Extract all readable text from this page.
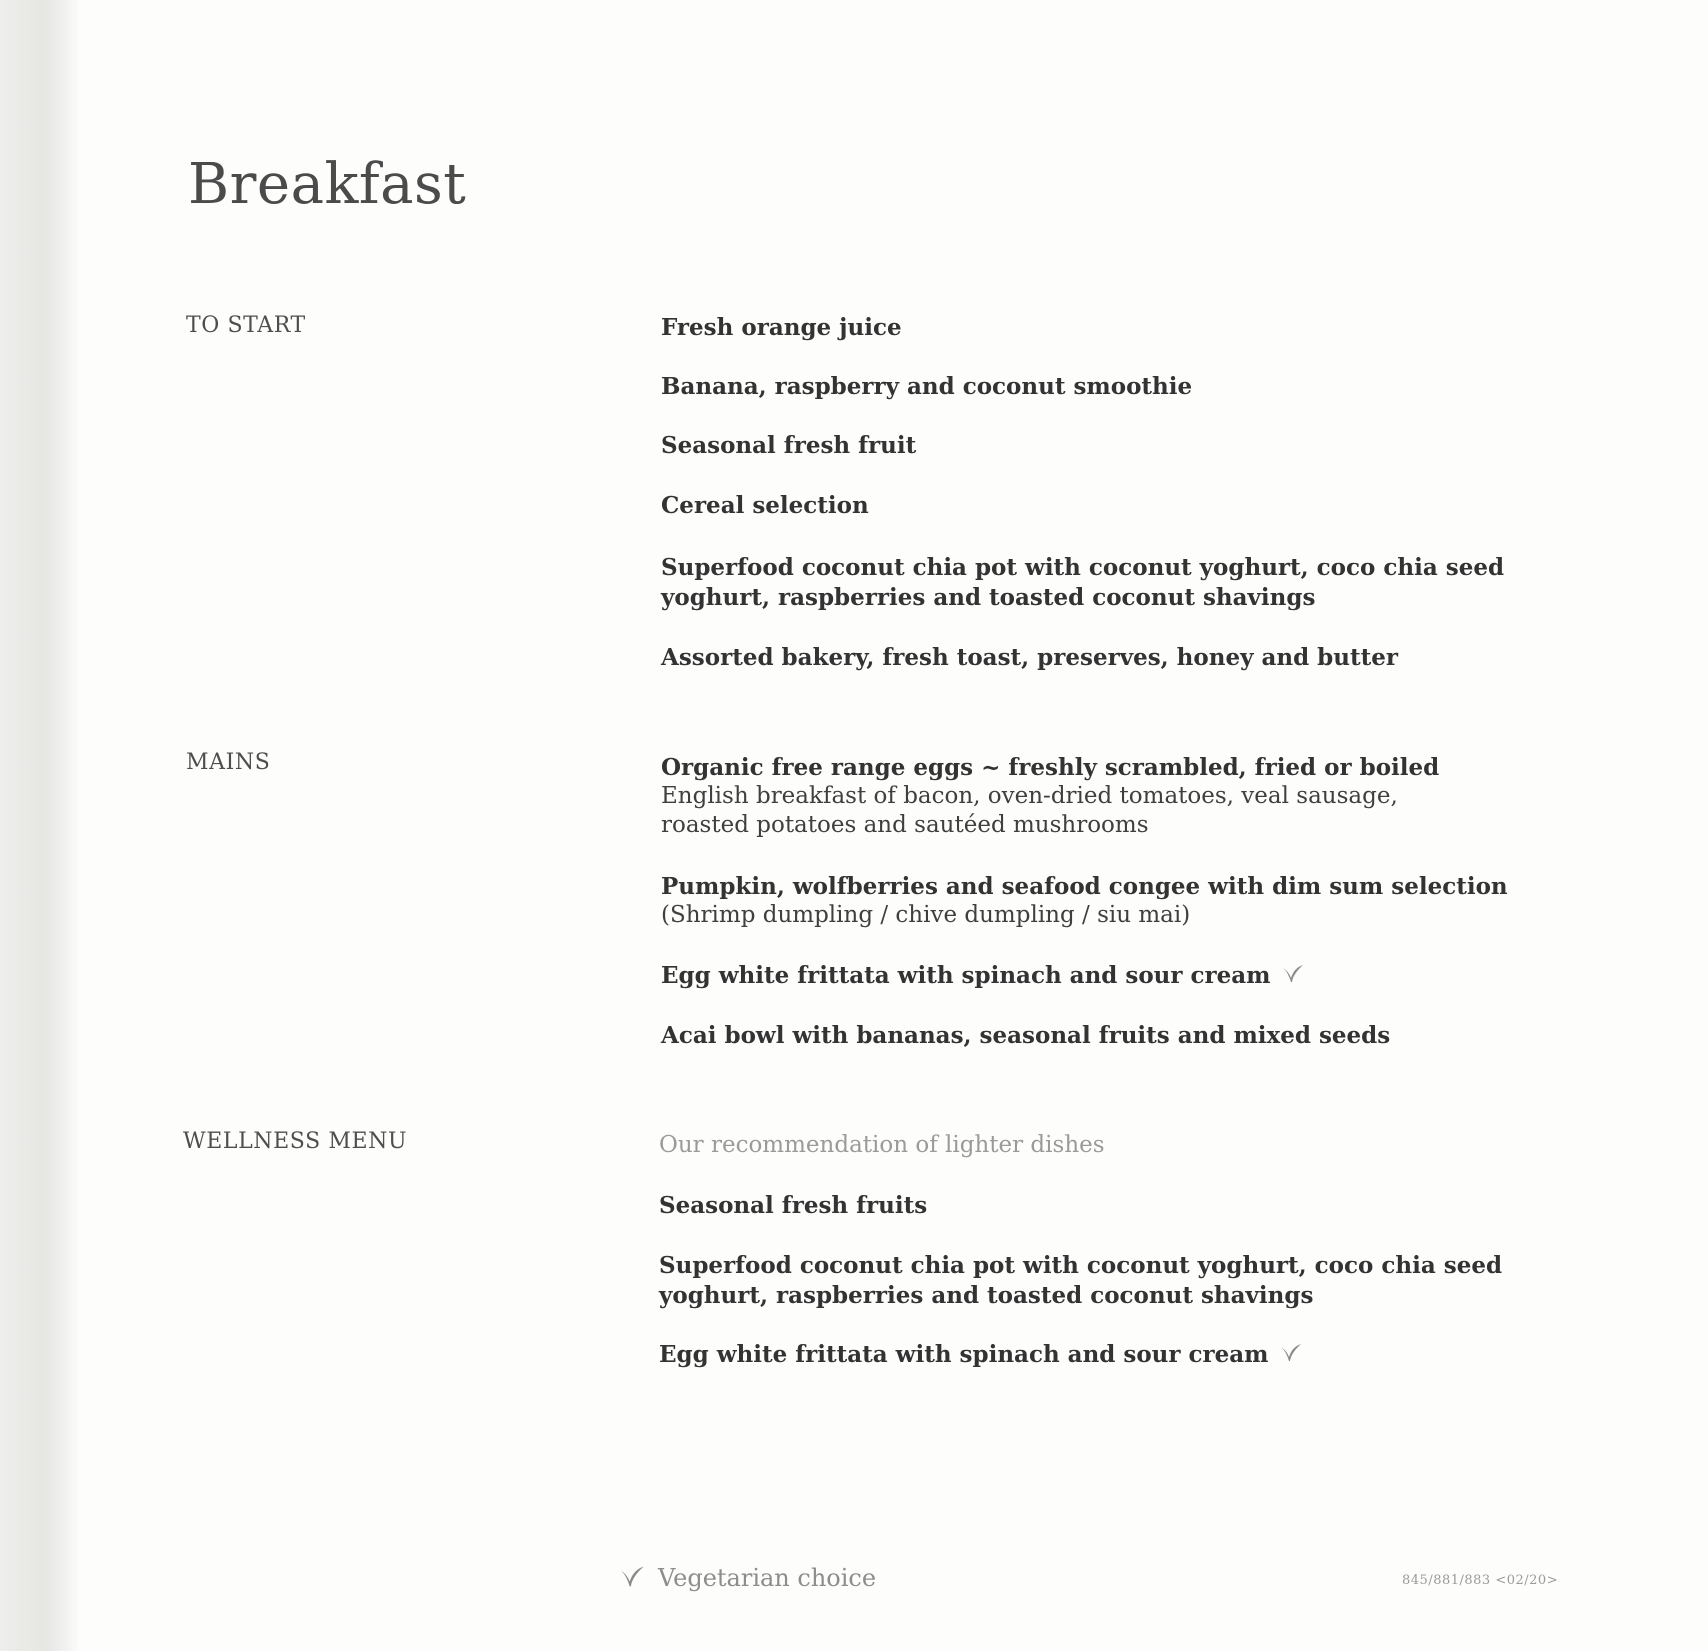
Breakfast
TO START	Fresh orange juice
Banana, raspberry and coconut smoothie
Seasonal fresh fruit
Cereal selection
Superfood coconut chia pot with coconut yoghurt, coco chia seed yoghurt, raspberries and toasted coconut shavings
Assorted bakery, fresh toast, preserves, honey and butter
MAINS	Organic free range eggs ~ freshly scrambled, fried or boiled
English breakfast of bacon, oven-dried tomatoes, veal sausage,
roasted potatoes and sautéed mushrooms
Pumpkin, wolfberries and seafood congee with dim sum selection
(Shrimp dumpling / chive dumpling / siu mai)
Egg white frittata with spinach and sour cream
Acai bowl with bananas, seasonal fruits and mixed seeds
WELLNESS MENU	Our recommendation of lighter dishes
Seasonal fresh fruits
Superfood coconut chia pot with coconut yoghurt, coco chia seed yoghurt, raspberries and toasted coconut shavings
Egg white frittata with spinach and sour cream
Vegetarian choice	845/881/883 <02/20>
